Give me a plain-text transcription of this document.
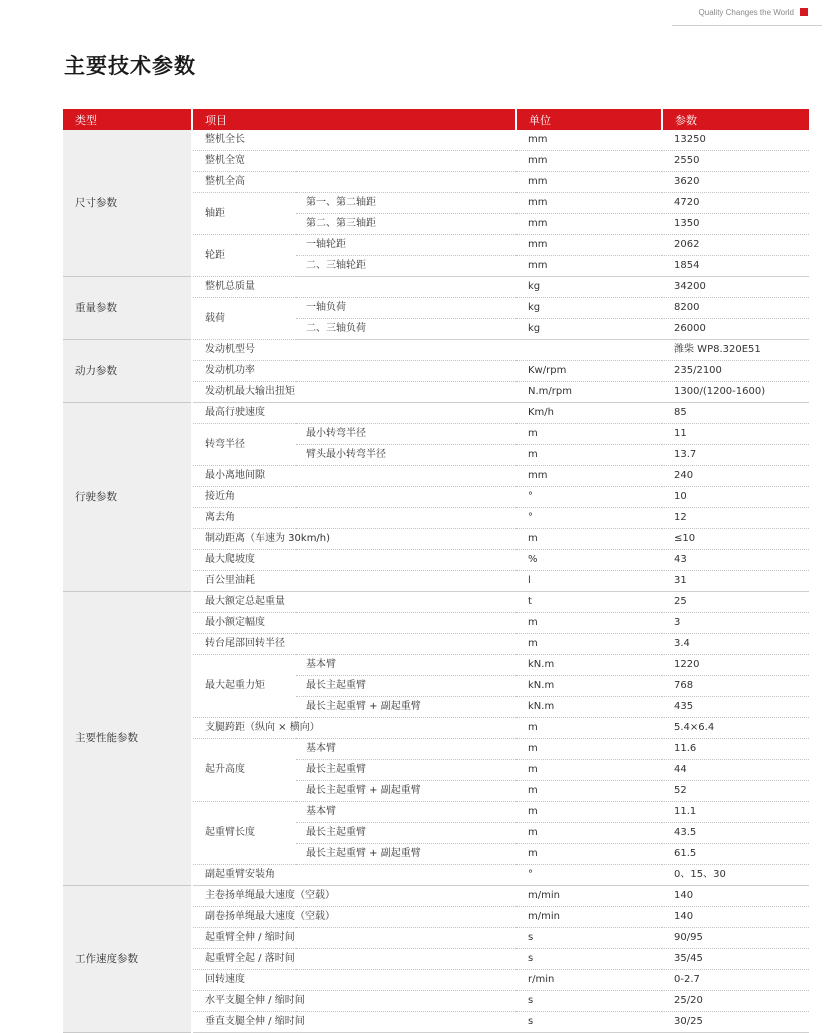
Quality Changes the World
主要技术参数
类型	项目		单位	参数
尺寸参数	整机全长		mm	13250
	整机全宽		mm	2550
	整机全高		mm	3620
	轴距	第一、第二轴距	mm	4720
		第二、第三轴距	mm	1350
	轮距	一轴轮距	mm	2062
		二、三轴轮距	mm	1854
重量参数	整机总质量		kg	34200
	载荷	一轴负荷	kg	8200
		二、三轴负荷	kg	26000
动力参数	发动机型号			潍柴 WP8.320E51
	发动机功率		Kw/rpm	235/2100
	发动机最大输出扭矩		N.m/rpm	1300/(1200-1600)
行驶参数	最高行驶速度		Km/h	85
	转弯半径	最小转弯半径	m	11
		臂头最小转弯半径	m	13.7
	最小离地间隙		mm	240
	接近角		°	10
	离去角		°	12
	制动距离（车速为 30km/h)		m	≤10
	最大爬坡度		%	43
	百公里油耗		l	31
主要性能参数	最大额定总起重量		t	25
	最小额定幅度		m	3
	转台尾部回转半径		m	3.4
	最大起重力矩	基本臂	kN.m	1220
		最长主起重臂	kN.m	768
		最长主起重臂 + 副起重臂	kN.m	435
	支腿跨距（纵向 × 横向）		m	5.4×6.4
	起升高度	基本臂	m	11.6
		最长主起重臂	m	44
		最长主起重臂 + 副起重臂	m	52
	起重臂长度	基本臂	m	11.1
		最长主起重臂	m	43.5
		最长主起重臂 + 副起重臂	m	61.5
	副起重臂安装角		°	0、15、30
工作速度参数	主卷扬单绳最大速度（空载）		m/min	140
	副卷扬单绳最大速度（空载）		m/min	140
	起重臂全伸 / 缩时间		s	90/95
	起重臂全起 / 落时间		s	35/45
	回转速度		r/min	0-2.7
	水平支腿全伸 / 缩时间		s	25/20
	垂直支腿全伸 / 缩时间		s	30/25
